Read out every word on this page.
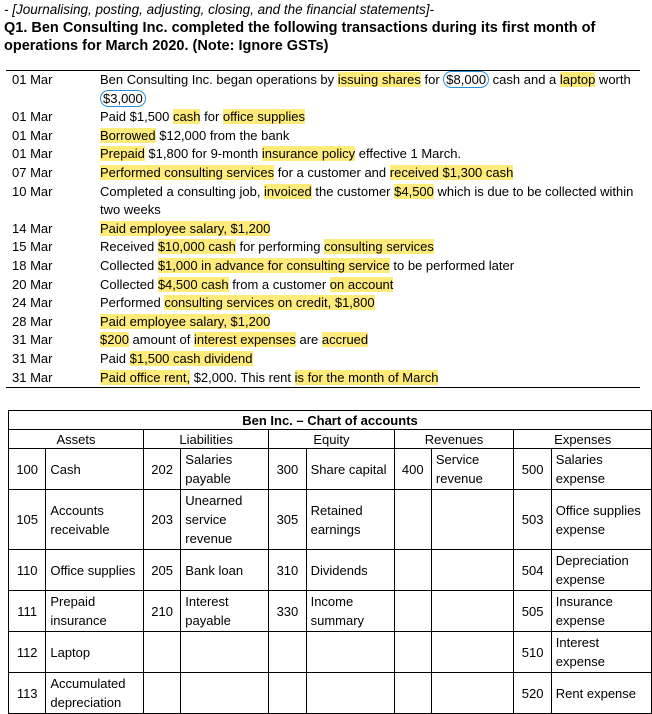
- [Journalising, posting, adjusting, closing, and the financial statements]-
Q1. Ben Consulting Inc. completed the following transactions during its first month of operations for March 2020. (Note: Ignore GSTs)
01 Mar	Ben Consulting Inc. began operations by issuing shares for $8,000 cash and a laptop worth $3,000
01 Mar	Paid $1,500 cash for office supplies
01 Mar	Borrowed $12,000 from the bank
01 Mar	Prepaid $1,800 for 9-month insurance policy effective 1 March.
07 Mar	Performed consulting services for a customer and received $1,300 cash
10 Mar	Completed a consulting job, invoiced the customer $4,500 which is due to be collected within two weeks
14 Mar	Paid employee salary, $1,200
15 Mar	Received $10,000 cash for performing consulting services
18 Mar	Collected $1,000 in advance for consulting service to be performed later
20 Mar	Collected $4,500 cash from a customer on account
24 Mar	Performed consulting services on credit, $1,800
28 Mar	Paid employee salary, $1,200
31 Mar	$200 amount of interest expenses are accrued
31 Mar	Paid $1,500 cash dividend
31 Mar	Paid office rent, $2,000. This rent is for the month of March
Ben Inc. – Chart of accounts									
Assets		Liabilities		Equity		Revenues		Expenses	
100	Cash	202	Salaries payable	300	Share capital	400	Service revenue	500	Salaries expense
105	Accounts receivable	203	Unearned service revenue	305	Retained earnings			503	Office supplies expense
110	Office supplies	205	Bank loan	310	Dividends			504	Depreciation expense
111	Prepaid insurance	210	Interest payable	330	Income summary			505	Insurance expense
112	Laptop							510	Interest expense
113	Accumulated depreciation							520	Rent expense
